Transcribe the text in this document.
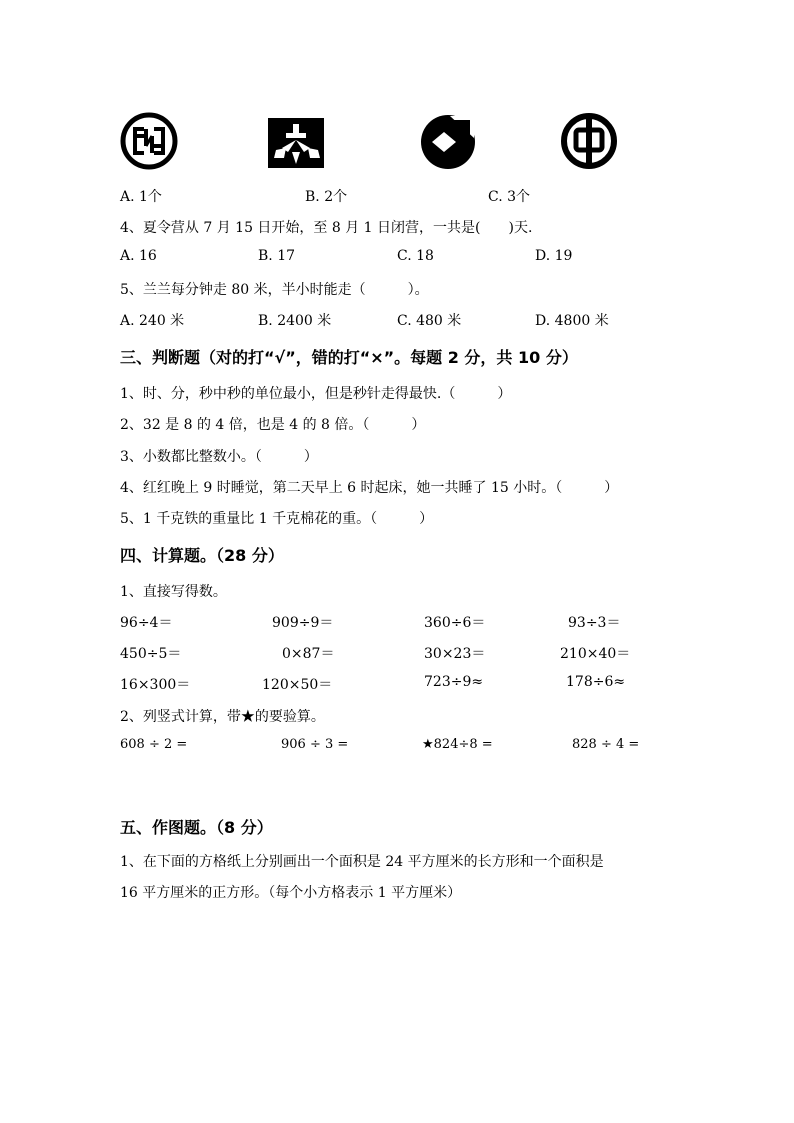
A. 1个	B. 2个	C. 3个
4、夏令营从 7 月 15 日开始，至 8 月 1 日闭营，一共是(　　)天.
A. 16	B. 17	C. 18	D. 19
5、兰兰每分钟走 80 米，半小时能走（　　　）。
A. 240 米	B. 2400 米	C. 480 米	D. 4800 米
三、判断题（对的打“√”，错的打“×”。每题 2 分，共 10 分）
1、时、分，秒中秒的单位最小，但是秒针走得最快.（　　　）
2、32 是 8 的 4 倍，也是 4 的 8 倍。（　　　）
3、小数都比整数小。（　　　）
4、红红晚上 9 时睡觉，第二天早上 6 时起床，她一共睡了 15 小时。（　　　）
5、1 千克铁的重量比 1 千克棉花的重。（　　　）
四、计算题。（28 分）
1、直接写得数。
96÷4＝	909÷9＝	360÷6＝	93÷3＝
450÷5＝	0×87＝	30×23＝	210×40＝
16×300＝	120×50＝	723÷9≈	178÷6≈
2、列竖式计算，带★的要验算。
608 ÷ 2 =	906 ÷ 3 =	★824÷8 =	828 ÷ 4 =
五、作图题。（8 分）
1、在下面的方格纸上分别画出一个面积是 24 平方厘米的长方形和一个面积是
16 平方厘米的正方形。（每个小方格表示 1 平方厘米）
